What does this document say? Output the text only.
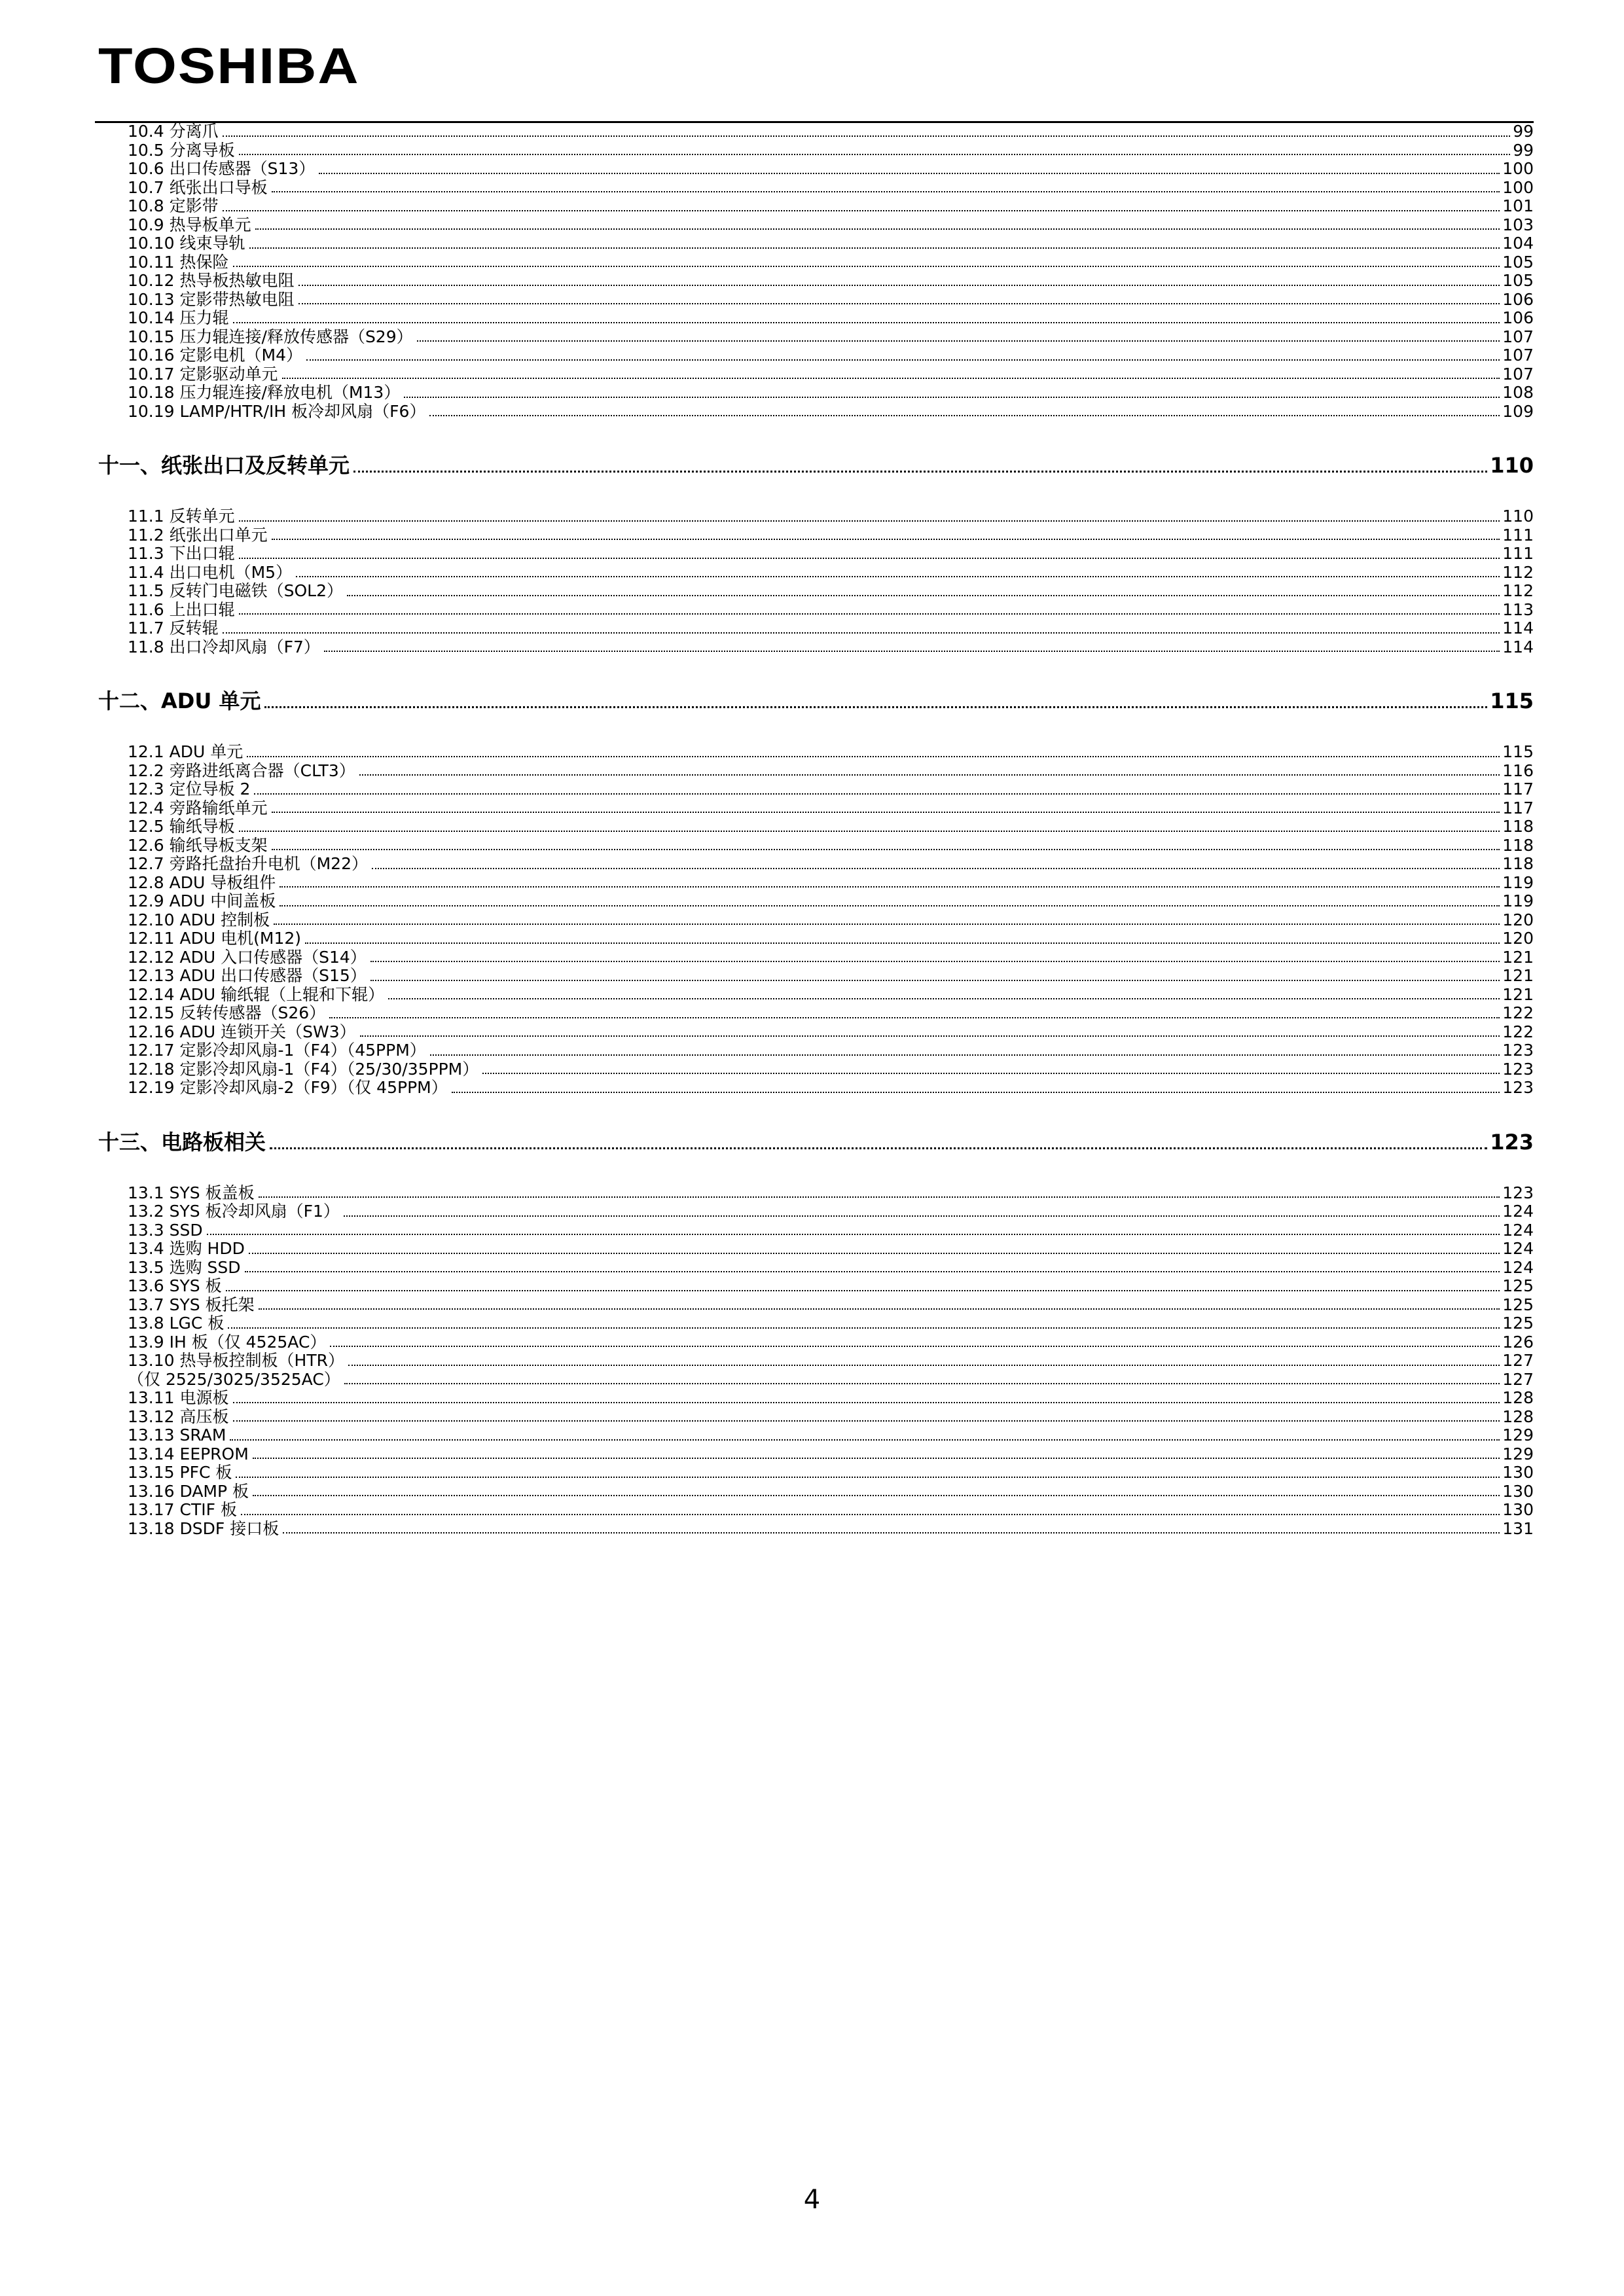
TOSHIBA
10.4 分离爪	99
10.5 分离导板	99
10.6 出口传感器（S13）	100
10.7 纸张出口导板	100
10.8 定影带	101
10.9 热导板单元	103
10.10 线束导轨	104
10.11 热保险	105
10.12 热导板热敏电阻	105
10.13 定影带热敏电阻	106
10.14 压力辊	106
10.15 压力辊连接/释放传感器（S29）	107
10.16 定影电机（M4）	107
10.17 定影驱动单元	107
10.18 压力辊连接/释放电机（M13）	108
10.19 LAMP/HTR/IH 板冷却风扇（F6）	109
十一、纸张出口及反转单元	110
11.1 反转单元	110
11.2 纸张出口单元	111
11.3 下出口辊	111
11.4 出口电机（M5）	112
11.5 反转门电磁铁（SOL2）	112
11.6 上出口辊	113
11.7 反转辊	114
11.8 出口冷却风扇（F7）	114
十二、ADU 单元	115
12.1 ADU 单元	115
12.2 旁路进纸离合器（CLT3）	116
12.3 定位导板 2	117
12.4 旁路输纸单元	117
12.5 输纸导板	118
12.6 输纸导板支架	118
12.7 旁路托盘抬升电机（M22）	118
12.8 ADU 导板组件	119
12.9 ADU 中间盖板	119
12.10 ADU 控制板	120
12.11 ADU 电机(M12)	120
12.12 ADU 入口传感器（S14）	121
12.13 ADU 出口传感器（S15）	121
12.14 ADU 输纸辊（上辊和下辊）	121
12.15 反转传感器（S26）	122
12.16 ADU 连锁开关（SW3）	122
12.17 定影冷却风扇-1（F4）（45PPM）	123
12.18 定影冷却风扇-1（F4）（25/30/35PPM）	123
12.19 定影冷却风扇-2（F9）（仅 45PPM）	123
十三、电路板相关	123
13.1 SYS 板盖板	123
13.2 SYS 板冷却风扇（F1）	124
13.3 SSD	124
13.4 选购 HDD	124
13.5 选购 SSD	124
13.6 SYS 板	125
13.7 SYS 板托架	125
13.8 LGC 板	125
13.9 IH 板（仅 4525AC）	126
13.10 热导板控制板（HTR）	127
（仅 2525/3025/3525AC）	127
13.11 电源板	128
13.12 高压板	128
13.13 SRAM	129
13.14 EEPROM	129
13.15 PFC 板	130
13.16 DAMP 板	130
13.17 CTIF 板	130
13.18 DSDF 接口板	131
4
